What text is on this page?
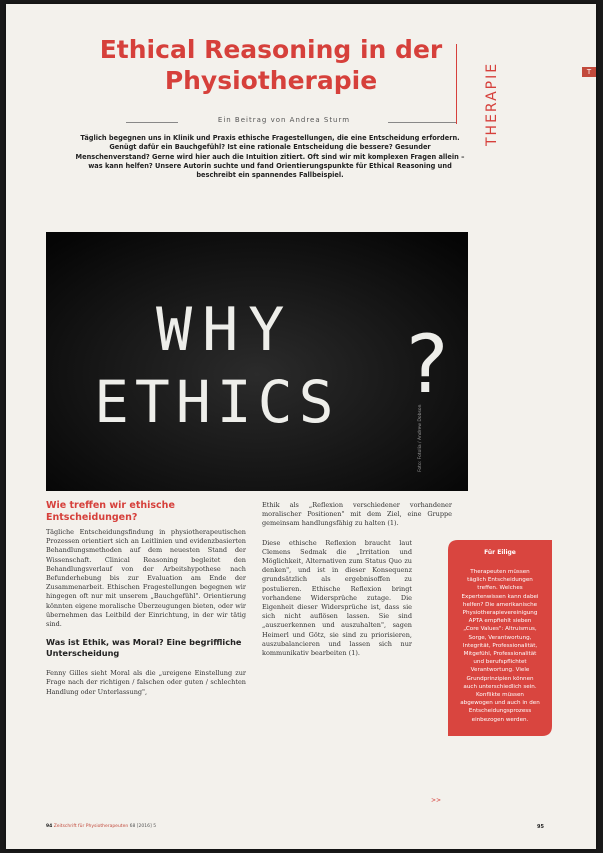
Ethical Reasoning in der Physiotherapie	THERAPIE	T
Ein Beitrag von Andrea Sturm

Täglich begegnen uns in Klinik und Praxis ethische Fragestellungen, die eine Entscheidung erfordern. Genügt dafür ein Bauchgefühl? Ist eine rationale Entscheidung die bessere? Gesunder Menschenverstand? Gerne wird hier auch die Intuition zitiert. Oft sind wir mit komplexen Fragen allein – was kann helfen? Unsere Autorin suchte und fand Orientierungspunkte für Ethical Reasoning und beschreibt ein spannendes Fallbeispiel.

WHY
ETHICS ?
Foto: Fotolia / Andrew Dobson
Wie treffen wir ethische Entscheidungen?

Tägliche Entscheidungsfindung in physiotherapeutischen Prozessen orientiert sich an Leitlinien und evidenzbasierten Behandlungsmethoden auf dem neuesten Stand der Wissenschaft. Clinical Reasoning begleitet den Behandlungsverlauf von der Arbeitshypothese nach Befunderhebung bis zur Evaluation am Ende der Zusammenarbeit. Ethischen Fragestellungen begegnen wir hingegen oft nur mit unserem „Bauchgefühl". Orientierung könnten eigene moralische Überzeugungen bieten, oder wir übernehmen das Leitbild der Einrichtung, in der wir tätig sind.

Was ist Ethik, was Moral? Eine begriffliche Unterscheidung

Fenny Gilles sieht Moral als die „ureigene Einstellung zur Frage nach der richtigen / falschen oder guten / schlechten Handlung oder Unterlassung",

Ethik als „Reflexion verschiedener vorhandener moralischer Positionen" mit dem Ziel, eine Gruppe gemeinsam handlungsfähig zu halten (1).

Diese ethische Reflexion braucht laut Clemens Sedmak die „Irritation und Möglichkeit, Alternativen zum Status Quo zu denken", und ist in dieser Konsequenz grundsätzlich als ergebnisoffen zu postulieren. Ethische Reflexion bringt vorhandene Widersprüche zutage. Die Eigenheit dieser Widersprüche ist, dass sie sich nicht auflösen lassen. Sie sind „auszuerkennen und auszuhalten", sagen Heimerl und Götz, sie sind zu priorisieren, auszubalancieren und lassen sich nur kommunikativ bearbeiten (1).

>>
Für Eilige

Therapeuten müssen täglich Entscheidungen treffen. Welches Expertenwissen kann dabei helfen? Die amerikanische Physiotherapievereinigung APTA empfiehlt sieben „Core Values": Altruismus, Sorge, Verantwortung, Integrität, Professionalität, Mitgefühl, Professionalität und berufspflichtet Verantwortung. Viele Grundprinzipien können auch unterschiedlich sein. Konflikte müssen abgewogen und auch in den Entscheidungsprozess einbezogen werden.

94 Zeitschrift für Physiotherapeuten 68 [2016] 5	95
